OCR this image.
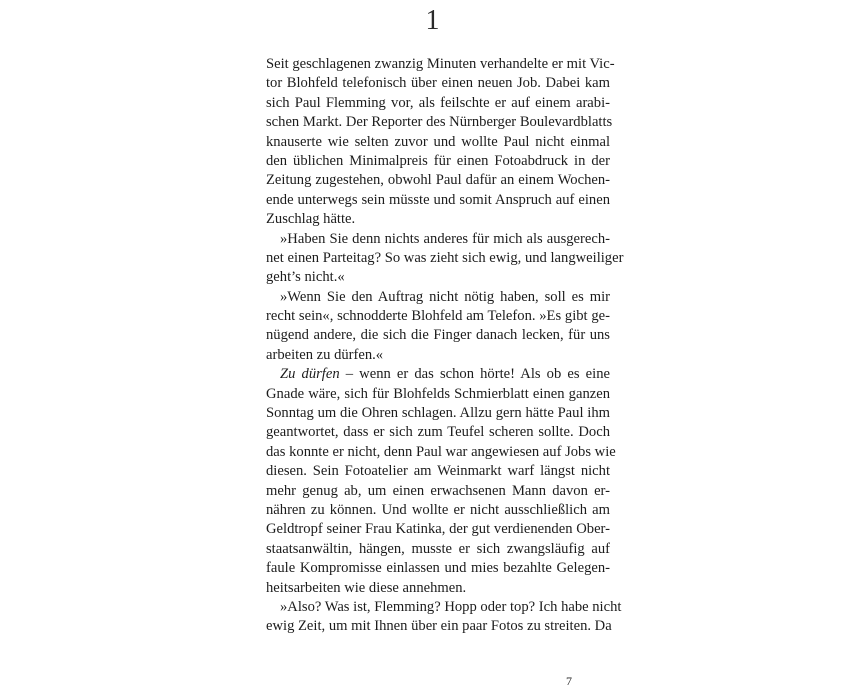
1
Seit geschlagenen zwanzig Minuten verhandelte er mit Vic-
tor Blohfeld telefonisch über einen neuen Job. Dabei kam
sich Paul Flemming vor, als feilschte er auf einem arabi-
schen Markt. Der Reporter des Nürnberger Boulevardblatts
knauserte wie selten zuvor und wollte Paul nicht einmal
den üblichen Minimalpreis für einen Fotoabdruck in der
Zeitung zugestehen, obwohl Paul dafür an einem Wochen-
ende unterwegs sein müsste und somit Anspruch auf einen
Zuschlag hätte.
»Haben Sie denn nichts anderes für mich als ausgerech-
net einen Parteitag? So was zieht sich ewig, und langweiliger
geht’s nicht.«
»Wenn Sie den Auftrag nicht nötig haben, soll es mir
recht sein«, schnodderte Blohfeld am Telefon. »Es gibt ge-
nügend andere, die sich die Finger danach lecken, für uns
arbeiten zu dürfen.«
Zu dürfen – wenn er das schon hörte! Als ob es eine
Gnade wäre, sich für Blohfelds Schmierblatt einen ganzen
Sonntag um die Ohren schlagen. Allzu gern hätte Paul ihm
geantwortet, dass er sich zum Teufel scheren sollte. Doch
das konnte er nicht, denn Paul war angewiesen auf Jobs wie
diesen. Sein Fotoatelier am Weinmarkt warf längst nicht
mehr genug ab, um einen erwachsenen Mann davon er-
nähren zu können. Und wollte er nicht ausschließlich am
Geldtropf seiner Frau Katinka, der gut verdienenden Ober-
staatsanwältin, hängen, musste er sich zwangsläufig auf
faule Kompromisse einlassen und mies bezahlte Gelegen-
heitsarbeiten wie diese annehmen.
»Also? Was ist, Flemming? Hopp oder top? Ich habe nicht
ewig Zeit, um mit Ihnen über ein paar Fotos zu streiten. Da
7
